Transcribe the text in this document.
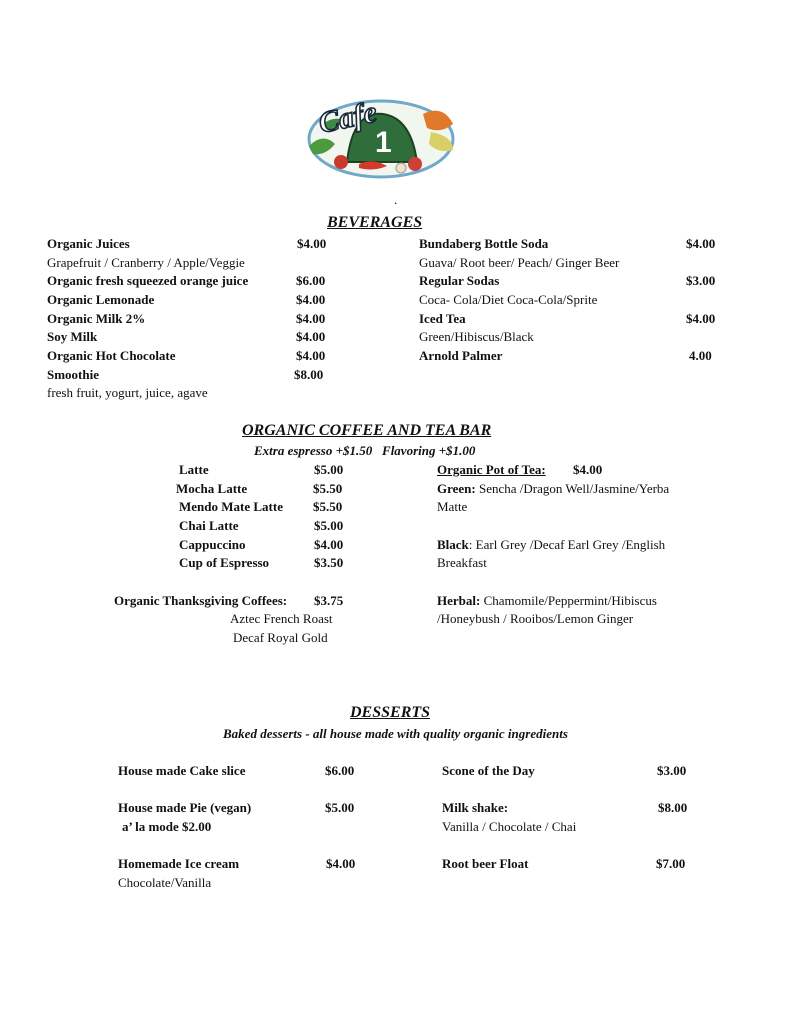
Cafe
1
.
BEVERAGES
Organic Juices	$4.00
Grapefruit / Cranberry / Apple/Veggie
Organic fresh squeezed orange juice	$6.00
Organic Lemonade	$4.00
Organic Milk 2%	$4.00
Soy Milk	$4.00
Organic Hot Chocolate	$4.00
Smoothie	$8.00
fresh fruit, yogurt, juice, agave
Bundaberg Bottle Soda	$4.00
Guava/ Root beer/ Peach/ Ginger Beer
Regular Sodas	$3.00
Coca- Cola/Diet Coca-Cola/Sprite
Iced Tea	$4.00
Green/Hibiscus/Black
Arnold Palmer	4.00
ORGANIC COFFEE AND TEA BAR
Extra espresso +$1.50   Flavoring +$1.00
Latte	$5.00
Mocha Latte	$5.50
Mendo Mate Latte $5.50
Chai Latte	$5.00
Cappuccino	$4.00
Cup of Espresso	$3.50
Organic Thanksgiving Coffees: $3.75
Aztec French Roast
Decaf Royal Gold
Organic Pot of Tea: $4.00
Green: Sencha /Dragon Well/Jasmine/Yerba
Matte
Black: Earl Grey /Decaf Earl Grey /English
Breakfast
Herbal: Chamomile/Peppermint/Hibiscus
/Honeybush / Rooibos/Lemon Ginger
DESSERTS
Baked desserts - all house made with quality organic ingredients
House made Cake slice	$6.00
House made Pie (vegan)	$5.00
a’ la mode $2.00
Homemade Ice cream	$4.00
Chocolate/Vanilla
Scone of the Day	$3.00
Milk shake:	$8.00
Vanilla / Chocolate / Chai
Root beer Float	$7.00
